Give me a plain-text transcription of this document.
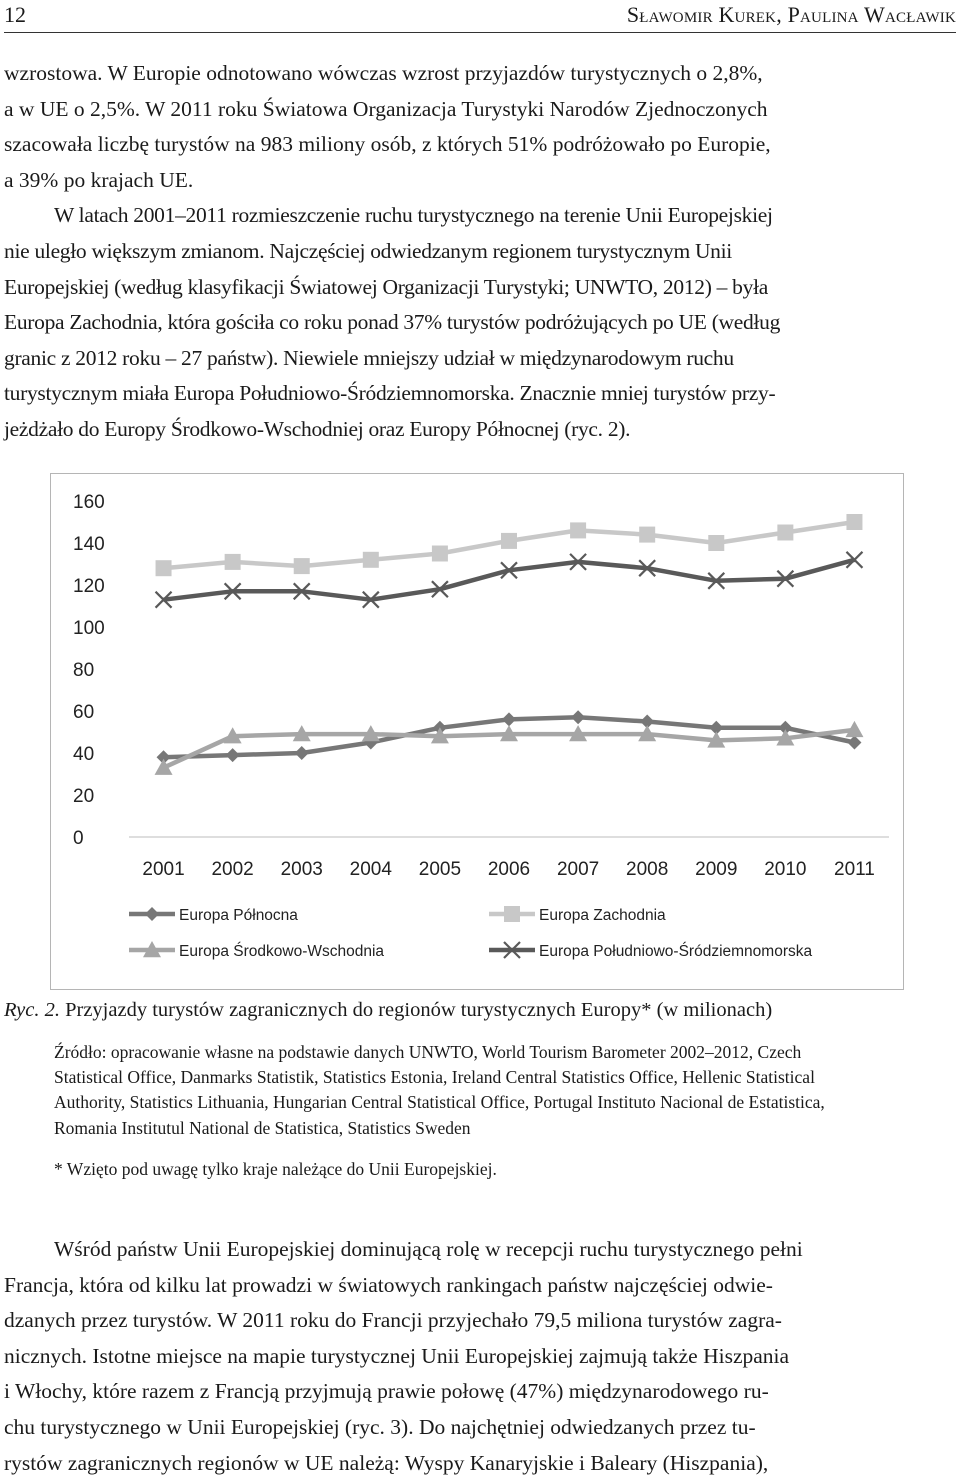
12	Sławomir Kurek, Paulina Wacławik

wzrostowa. W Europie odnotowano wówczas wzrost przyjazdów turystycznych o 2,8%,
a w UE o 2,5%. W 2011 roku Światowa Organizacja Turystyki Narodów Zjednoczonych
szacowała liczbę turystów na 983 miliony osób, z których 51% podróżowało po Europie,
a 39% po krajach UE.

W latach 2001–2011 rozmieszczenie ruchu turystycznego na terenie Unii Europejskiej
nie uległo większym zmianom. Najczęściej odwiedzanym regionem turystycznym Unii
Europejskiej (według klasyfikacji Światowej Organizacji Turystyki; UNWTO, 2012) – była
Europa Zachodnia, która gościła co roku ponad 37% turystów podróżujących po UE (według
granic z 2012 roku – 27 państw). Niewiele mniejszy udział w międzynarodowym ruchu
turystycznym miała Europa Południowo-Śródziemnomorska. Znacznie mniej turystów przy-
jeżdżało do Europy Środkowo-Wschodniej oraz Europy Północnej (ryc. 2).

0
20
40
60
80
100
120
140
160
2001 2002 2003 2004 2005 2006 2007 2008 2009 2010 2011
Europa Północna	Europa Zachodnia
Europa Środkowo-Wschodnia	Europa Południowo-Śródziemnomorska

Ryc. 2. Przyjazdy turystów zagranicznych do regionów turystycznych Europy* (w milionach)

Źródło: opracowanie własne na podstawie danych UNWTO, World Tourism Barometer 2002–2012, Czech
Statistical Office, Danmarks Statistik, Statistics Estonia, Ireland Central Statistics Office, Hellenic Statistical
Authority, Statistics Lithuania, Hungarian Central Statistical Office, Portugal Instituto Nacional de Estatistica,
Romania Institutul National de Statistica, Statistics Sweden

* Wzięto pod uwagę tylko kraje należące do Unii Europejskiej.

Wśród państw Unii Europejskiej dominującą rolę w recepcji ruchu turystycznego pełni
Francja, która od kilku lat prowadzi w światowych rankingach państw najczęściej odwie-
dzanych przez turystów. W 2011 roku do Francji przyjechało 79,5 miliona turystów zagra-
nicznych. Istotne miejsce na mapie turystycznej Unii Europejskiej zajmują także Hiszpania
i Włochy, które razem z Francją przyjmują prawie połowę (47%) międzynarodowego ru-
chu turystycznego w Unii Europejskiej (ryc. 3). Do najchętniej odwiedzanych przez tu-
rystów zagranicznych regionów w UE należą: Wyspy Kanaryjskie i Baleary (Hiszpania),
